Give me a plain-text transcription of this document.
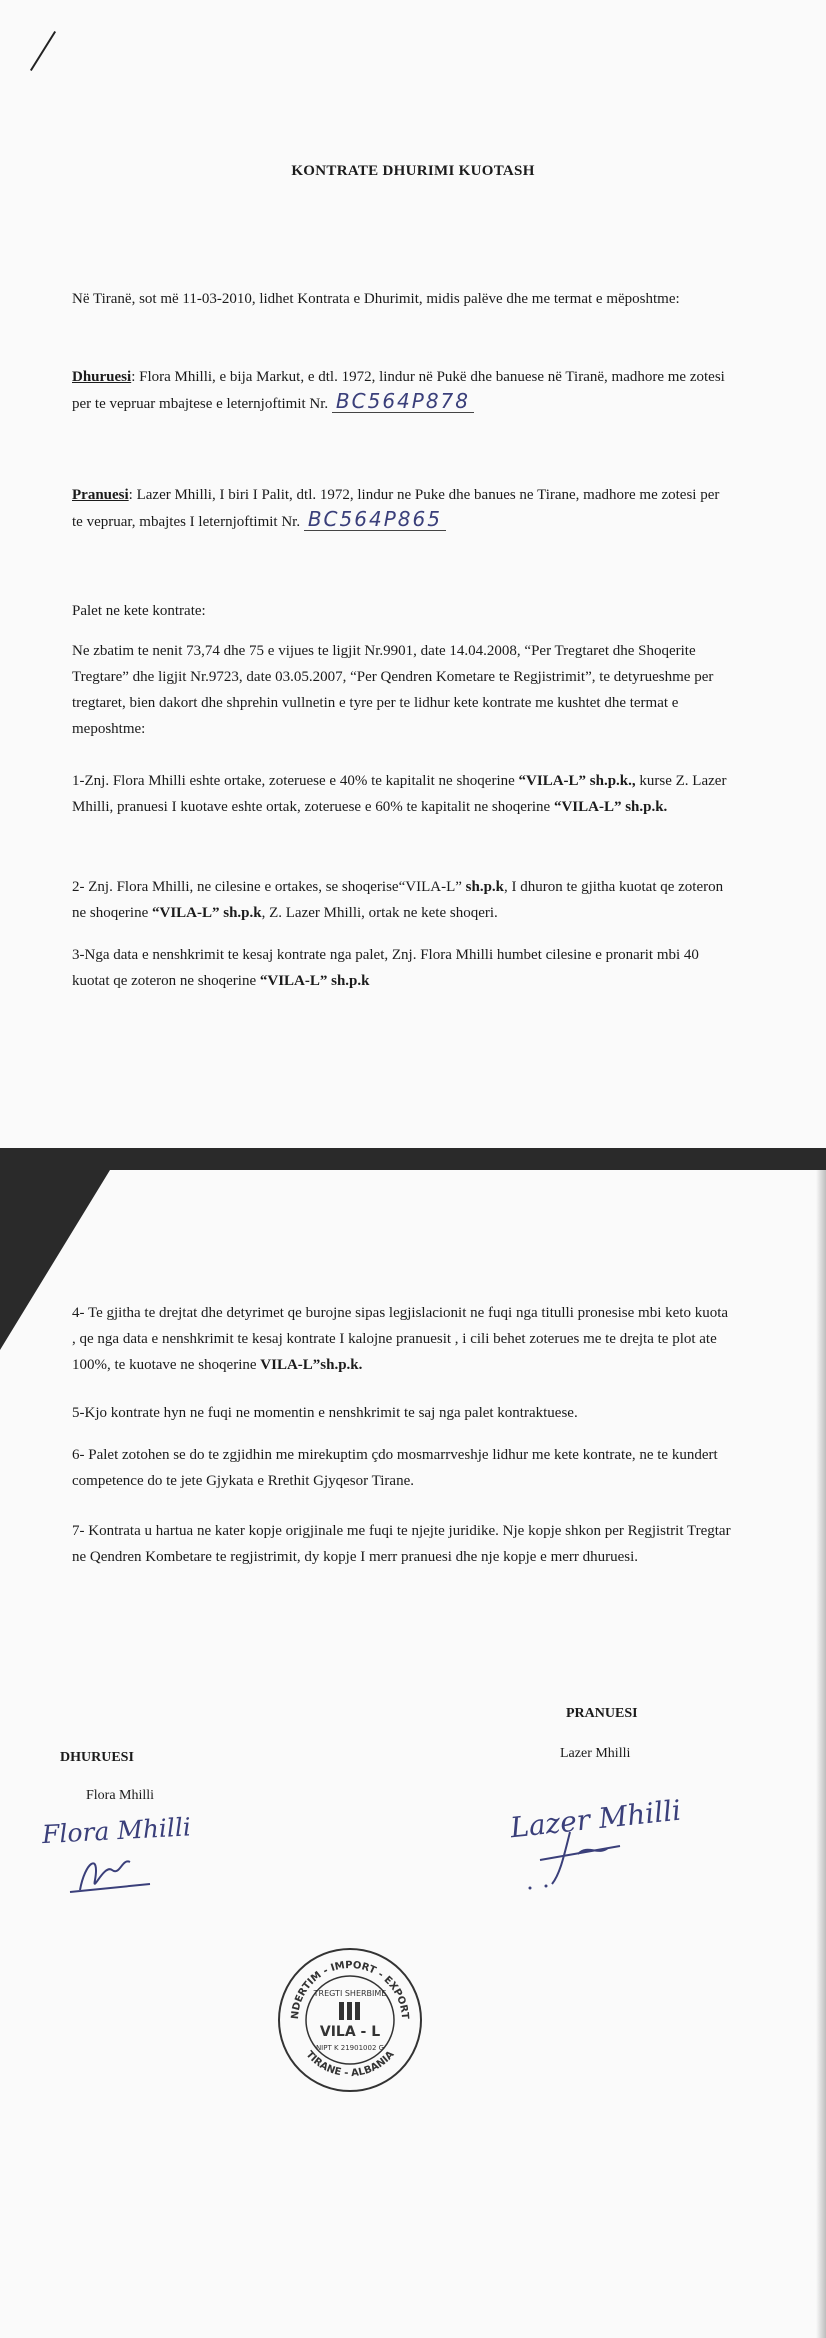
KONTRATE DHURIMI KUOTASH
Në Tiranë, sot më 11-03-2010, lidhet Kontrata e Dhurimit, midis palëve dhe me termat e mëposhtme:
Dhuruesi: Flora Mhilli, e bija Markut, e dtl. 1972, lindur në Pukë dhe banuese në Tiranë, madhore me zotesi per te vepruar mbajtese e leternjoftimit Nr. BC564P878
Pranuesi: Lazer Mhilli, I biri I Palit, dtl. 1972, lindur ne Puke dhe banues ne Tirane, madhore me zotesi per te vepruar, mbajtes I leternjoftimit Nr. BC564P865
Palet ne kete kontrate:
Ne zbatim te nenit 73,74 dhe 75 e vijues te ligjit Nr.9901, date 14.04.2008, “Per Tregtaret dhe Shoqerite Tregtare” dhe ligjit Nr.9723, date 03.05.2007, “Per Qendren Kometare te Regjistrimit”, te detyrueshme per tregtaret, bien dakort dhe shprehin vullnetin e tyre per te lidhur kete kontrate me kushtet dhe termat e meposhtme:
1-Znj. Flora Mhilli eshte ortake, zoteruese e 40% te kapitalit ne shoqerine “VILA-L” sh.p.k., kurse Z. Lazer Mhilli, pranuesi I kuotave eshte ortak, zoteruese e 60% te kapitalit ne shoqerine “VILA-L” sh.p.k.
2- Znj. Flora Mhilli, ne cilesine e ortakes, se shoqerise“VILA-L” sh.p.k, I dhuron te gjitha kuotat qe zoteron ne shoqerine “VILA-L” sh.p.k, Z. Lazer Mhilli, ortak ne kete shoqeri.
3-Nga data e nenshkrimit te kesaj kontrate nga palet, Znj. Flora Mhilli humbet cilesine e pronarit mbi 40 kuotat qe zoteron ne shoqerine “VILA-L” sh.p.k
4- Te gjitha te drejtat dhe detyrimet qe burojne sipas legjislacionit ne fuqi nga titulli pronesise mbi keto kuota , qe nga data e nenshkrimit te kesaj kontrate I kalojne pranuesit , i cili behet zoterues me te drejta te plot ate 100%, te kuotave ne shoqerine VILA-L”sh.p.k.
5-Kjo kontrate hyn ne fuqi ne momentin e nenshkrimit te saj nga palet kontraktuese.
6- Palet zotohen se do te zgjidhin me mirekuptim çdo mosmarrveshje lidhur me kete kontrate, ne te kundert competence do te jete Gjykata e Rrethit Gjyqesor Tirane.
7- Kontrata u hartua ne kater kopje origjinale me fuqi te njejte juridike. Nje kopje shkon per Regjistrit Tregtar ne Qendren Kombetare te regjistrimit, dy kopje I merr pranuesi dhe nje kopje e merr dhuruesi.
DHURUESI
Flora Mhilli
Flora Mhilli
PRANUESI
Lazer Mhilli
Lazer Mhilli
NDERTIM - IMPORT - EXPORT
TIRANE - ALBANIA
TREGTI SHERBIME
VILA - L
NIPT K 21901002 G
